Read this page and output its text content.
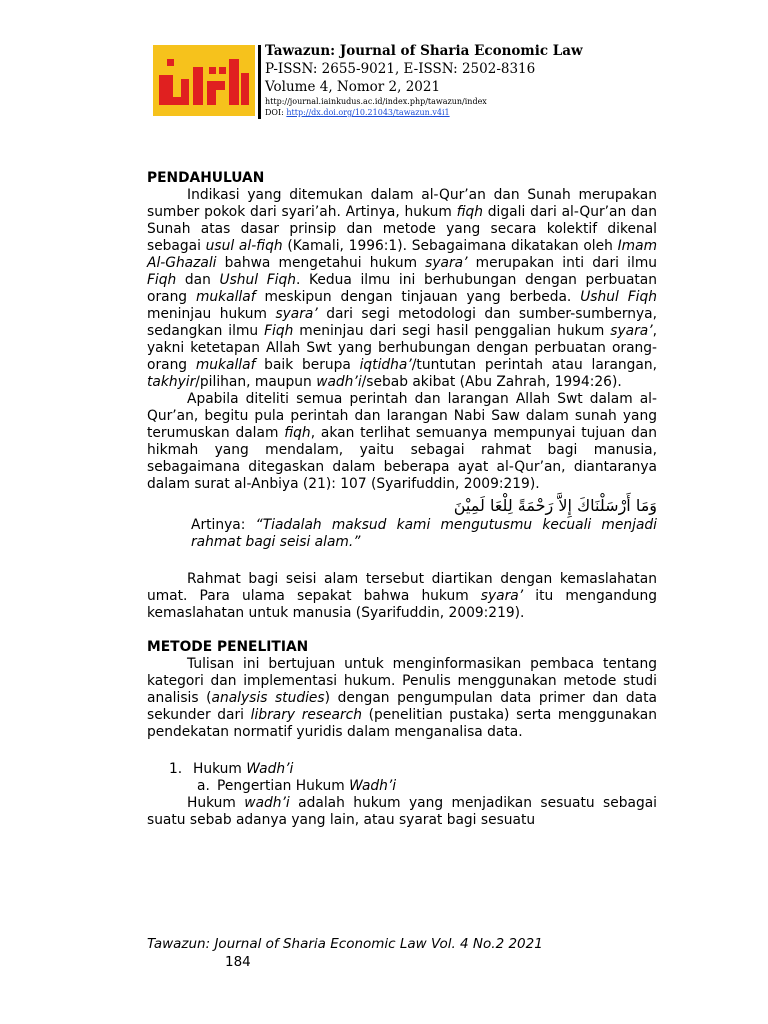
Tawazun: Journal of Sharia Economic Law
P-ISSN: 2655-9021, E-ISSN: 2502-8316
Volume 4, Nomor 2, 2021
http://journal.iainkudus.ac.id/index.php/tawazun/index
DOI: http://dx.doi.org/10.21043/tawazun.v4i1

PENDAHULUAN

Indikasi yang ditemukan dalam al-Qur’an dan Sunah merupakan sumber pokok dari syari’ah. Artinya, hukum fiqh digali dari al-Qur’an dan Sunah atas dasar prinsip dan metode yang secara kolektif dikenal sebagai usul al-fiqh (Kamali, 1996:1). Sebagaimana dikatakan oleh Imam Al-Ghazali bahwa mengetahui hukum syara’ merupakan inti dari ilmu Fiqh dan Ushul Fiqh. Kedua ilmu ini berhubungan dengan perbuatan orang mukallaf meskipun dengan tinjauan yang berbeda. Ushul Fiqh meninjau hukum syara’ dari segi metodologi dan sumber-sumbernya, sedangkan ilmu Fiqh meninjau dari segi hasil penggalian hukum syara’, yakni ketetapan Allah Swt yang berhubungan dengan perbuatan orang-orang mukallaf baik berupa iqtidha’/tuntutan perintah atau larangan, takhyir/pilihan, maupun wadh’i/sebab akibat (Abu Zahrah, 1994:26).

Apabila diteliti semua perintah dan larangan Allah Swt dalam al-Qur’an, begitu pula perintah dan larangan Nabi Saw dalam sunah yang terumuskan dalam fiqh, akan terlihat semuanya mempunyai tujuan dan hikmah yang mendalam, yaitu sebagai rahmat bagi manusia, sebagaimana ditegaskan dalam beberapa ayat al-Qur’an, diantaranya dalam surat al-Anbiya (21): 107 (Syarifuddin, 2009:219).

وَمَا أَرْسَلْنَاكَ إِلاَّ رَحْمَةً لِلْعَا لَمِيْنَ

Artinya: “Tiadalah maksud kami mengutusmu kecuali menjadi rahmat bagi seisi alam.”

Rahmat bagi seisi alam tersebut diartikan dengan kemaslahatan umat. Para ulama sepakat bahwa hukum syara’ itu mengandung kemaslahatan untuk manusia (Syarifuddin, 2009:219).

METODE PENELITIAN

Tulisan ini bertujuan untuk menginformasikan pembaca tentang kategori dan implementasi hukum. Penulis menggunakan metode studi analisis (analysis studies) dengan pengumpulan data primer dan data sekunder dari library research (penelitian pustaka) serta menggunakan pendekatan normatif yuridis dalam menganalisa data.

1. Hukum Wadh’i

a. Pengertian Hukum Wadh’i

Hukum wadh’i adalah hukum yang menjadikan sesuatu sebagai suatu sebab adanya yang lain, atau syarat bagi sesuatu

Tawazun: Journal of Sharia Economic Law Vol. 4 No.2 2021
184
